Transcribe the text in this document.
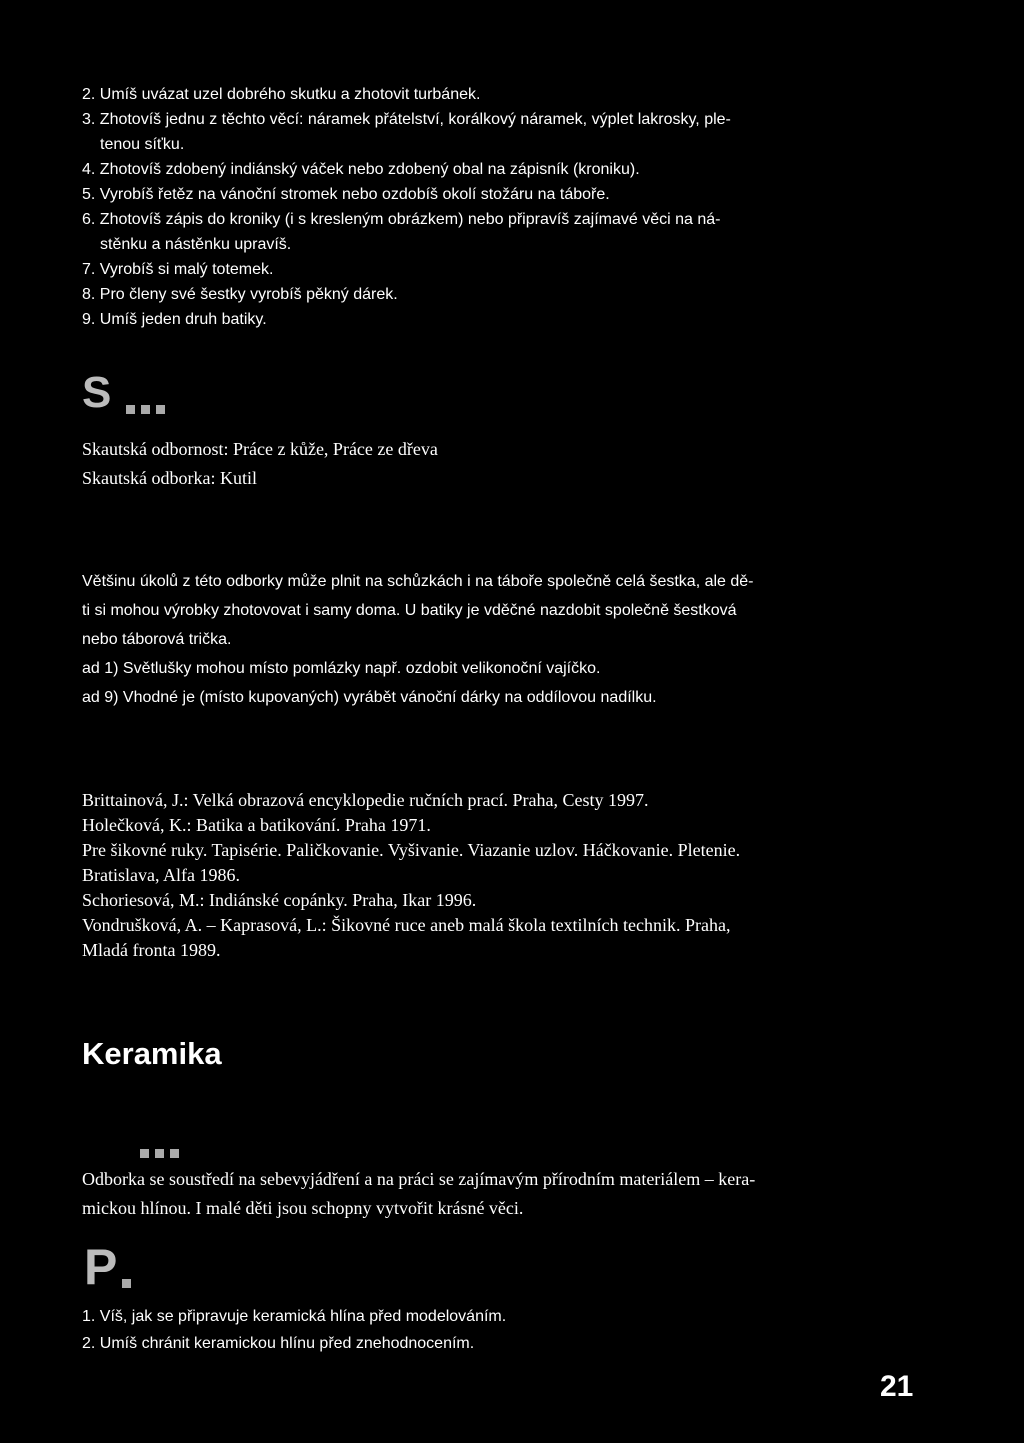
2. Umíš uvázat uzel dobrého skutku a zhotovit turbánek.
3. Zhotovíš jednu z těchto věcí: náramek přátelství, korálkový náramek, výplet lakrosky, ple-
tenou síťku.
4. Zhotovíš zdobený indiánský váček nebo zdobený obal na zápisník (kroniku).
5. Vyrobíš řetěz na vánoční stromek nebo ozdobíš okolí stožáru na táboře.
6. Zhotovíš zápis do kroniky (i s kresleným obrázkem) nebo připravíš zajímavé věci na ná-
stěnku a nástěnku upravíš.
7. Vyrobíš si malý totemek.
8. Pro členy své šestky vyrobíš pěkný dárek.
9. Umíš jeden druh batiky.
S
Skautská odbornost: Práce z kůže, Práce ze dřeva
Skautská odborka: Kutil
Většinu úkolů z této odborky může plnit na schůzkách i na táboře společně celá šestka, ale dě-
ti si mohou výrobky zhotovovat i samy doma. U batiky je vděčné nazdobit společně šestková
nebo táborová trička.
ad 1) Světlušky mohou místo pomlázky např. ozdobit velikonoční vajíčko.
ad 9) Vhodné je (místo kupovaných) vyrábět vánoční dárky na oddílovou nadílku.
Brittainová, J.: Velká obrazová encyklopedie ručních prací. Praha, Cesty 1997.
Holečková, K.: Batika a batikování. Praha 1971.
Pre šikovné ruky. Tapisérie. Paličkovanie. Vyšivanie. Viazanie uzlov. Háčkovanie. Pletenie.
Bratislava, Alfa 1986.
Schoriesová, M.: Indiánské copánky. Praha, Ikar 1996.
Vondrušková, A. – Kaprasová, L.: Šikovné ruce aneb malá škola textilních technik. Praha,
Mladá fronta 1989.
Keramika
Odborka se soustředí na sebevyjádření a na práci se zajímavým přírodním materiálem – kera-
mickou hlínou. I malé děti jsou schopny vytvořit krásné věci.
P
1. Víš, jak se připravuje keramická hlína před modelováním.
2. Umíš chránit keramickou hlínu před znehodnocením.
21
